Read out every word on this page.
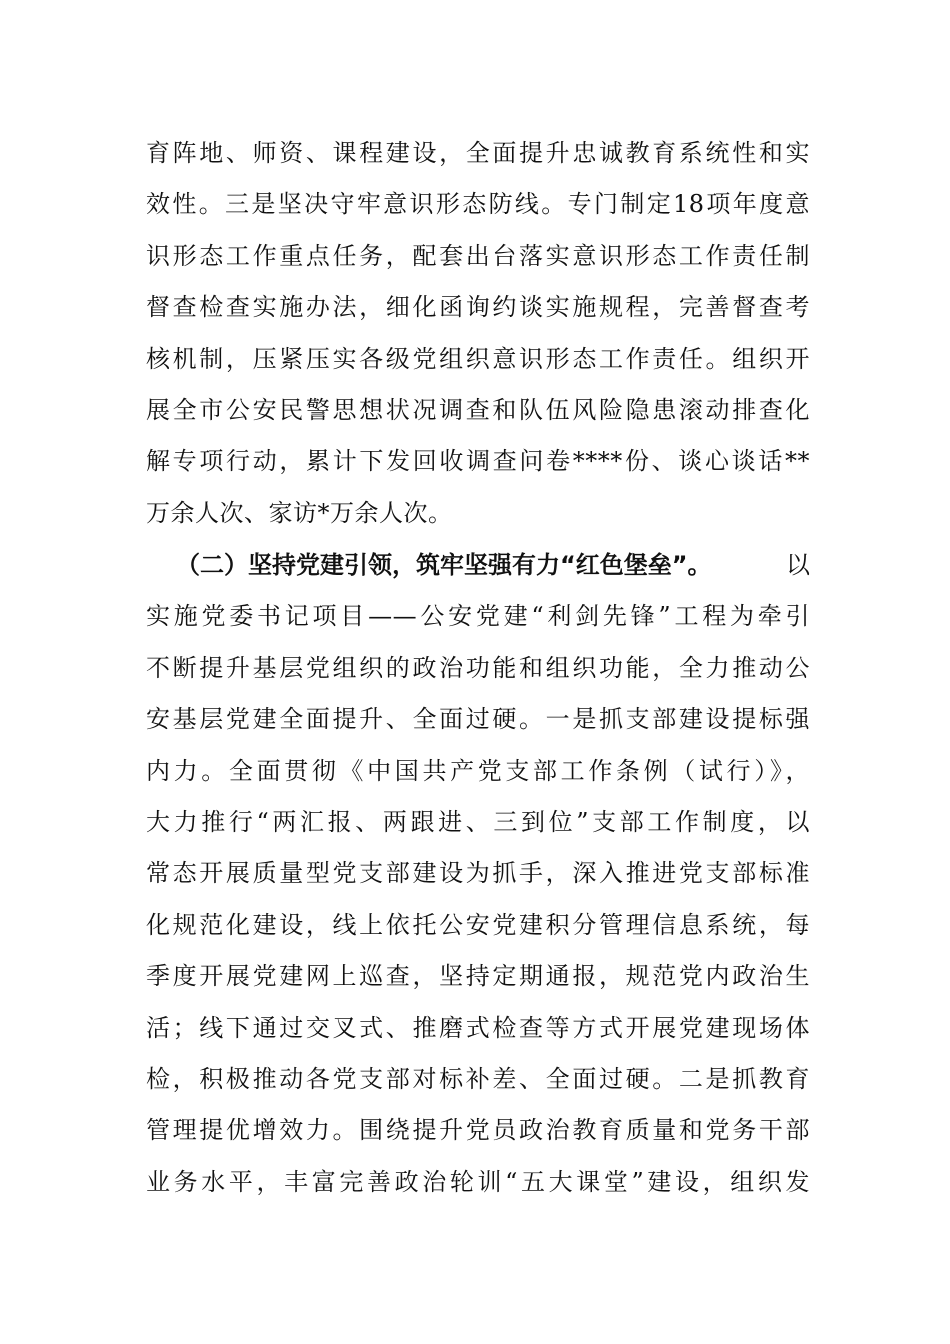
育阵地、师资、课程建设，全面提升忠诚教育系统性和实
效性。三是坚决守牢意识形态防线。专门制定18项年度意
识形态工作重点任务，配套出台落实意识形态工作责任制
督查检查实施办法，细化函询约谈实施规程，完善督查考
核机制，压紧压实各级党组织意识形态工作责任。组织开
展全市公安民警思想状况调查和队伍风险隐患滚动排查化
解专项行动，累计下发回收调查问卷****份、谈心谈话**
万余人次、家访*万余人次。
（二）坚持党建引领，筑牢坚强有力“红色堡垒”。	以
实施党委书记项目——公安党建“利剑先锋”工程为牵引
不断提升基层党组织的政治功能和组织功能，全力推动公
安基层党建全面提升、全面过硬。一是抓支部建设提标强
内力。全面贯彻《中国共产党支部工作条例（试行）》，
大力推行“两汇报、两跟进、三到位”支部工作制度，以
常态开展质量型党支部建设为抓手，深入推进党支部标准
化规范化建设，线上依托公安党建积分管理信息系统，每
季度开展党建网上巡查，坚持定期通报，规范党内政治生
活；线下通过交叉式、推磨式检查等方式开展党建现场体
检，积极推动各党支部对标补差、全面过硬。二是抓教育
管理提优增效力。围绕提升党员政治教育质量和党务干部
业务水平，丰富完善政治轮训“五大课堂”建设，组织发
